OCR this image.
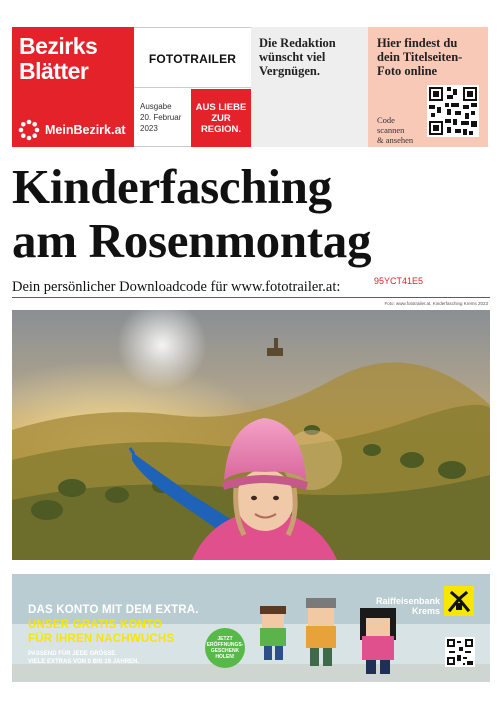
Bezirks
Blätter
MeinBezirk.at
FOTOTRAILER
Ausgabe
20. Februar
2023
AUS LIEBE ZUR REGION.
Die Redaktion wünscht viel Vergnügen.
Hier findest du dein Titelseiten-Foto online
Code
scannen
& ansehen
Kinderfasching
am Rosenmontag
Dein persönlicher Downloadcode für www.fototrailer.at:	95YCT41E5
Foto: www.fototrailer.at, Kinderfasching Krems 2023
DAS KONTO MIT DEM EXTRA.
UNSER GRATIS KONTO
FÜR IHREN NACHWUCHS
PASSEND FÜR JEDE GRÖSSE.
VIELE EXTRAS VON 0 BIS 19 JAHREN.
JETZT ERÖFFNUNGS-GESCHENK HOLEN!
Raiffeisenbank
Krems
